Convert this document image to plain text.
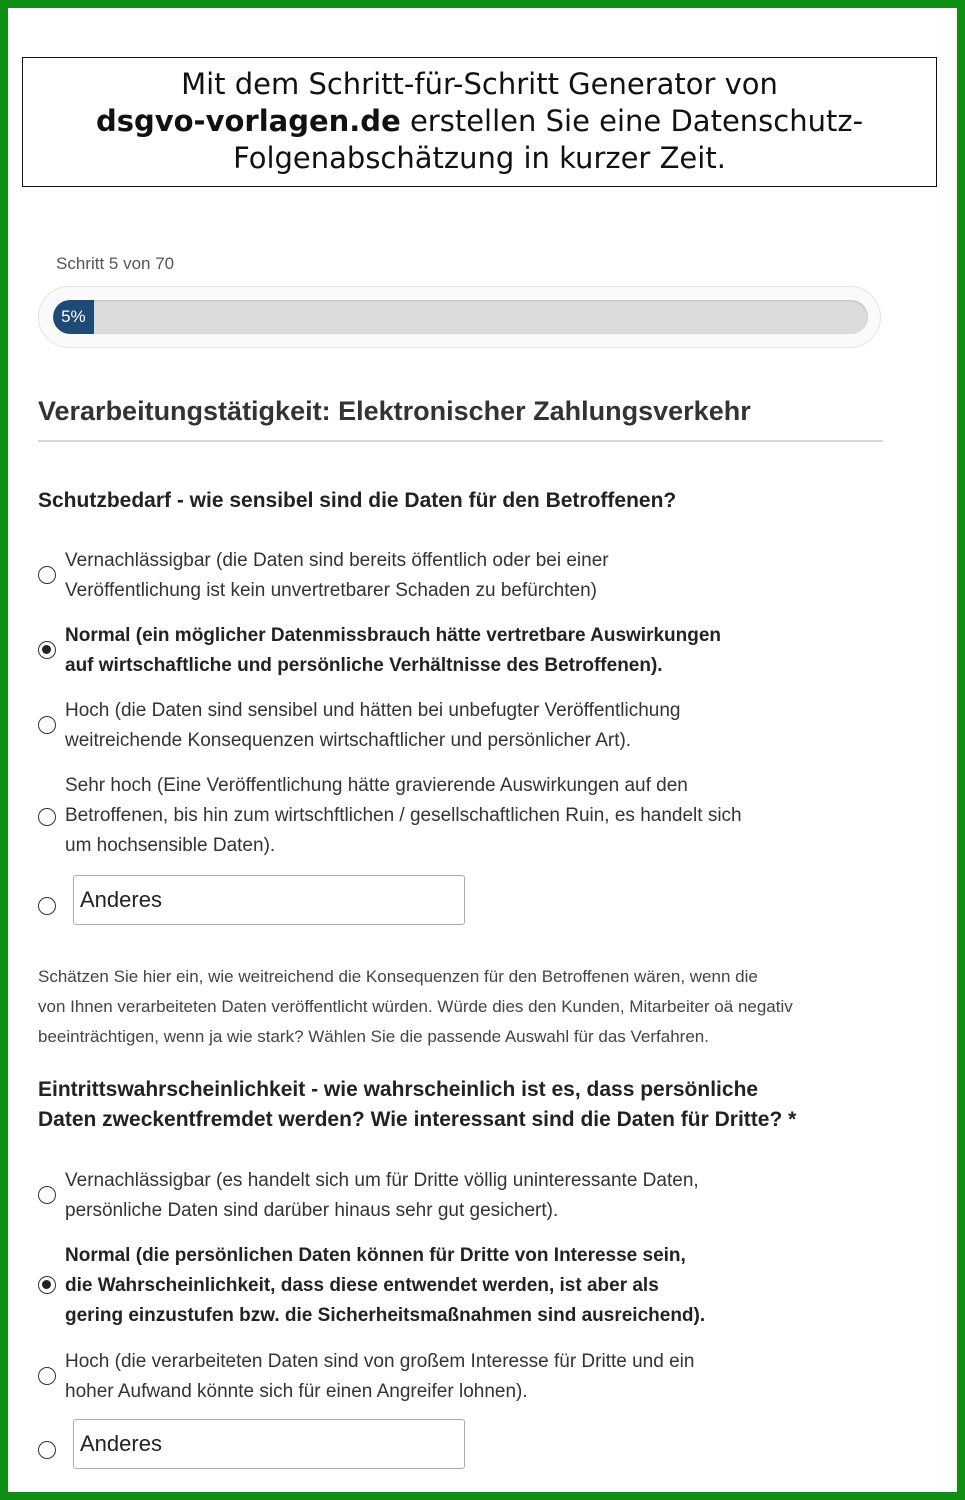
Mit dem Schritt-für-Schritt Generator von
dsgvo-vorlagen.de erstellen Sie eine Datenschutz-
Folgenabschätzung in kurzer Zeit.
Schritt 5 von 70
5%
Verarbeitungstätigkeit: Elektronischer Zahlungsverkehr
Schutzbedarf - wie sensibel sind die Daten für den Betroffenen?
Vernachlässigbar (die Daten sind bereits öffentlich oder bei einer
Veröffentlichung ist kein unvertretbarer Schaden zu befürchten)
Normal (ein möglicher Datenmissbrauch hätte vertretbare Auswirkungen
auf wirtschaftliche und persönliche Verhältnisse des Betroffenen).
Hoch (die Daten sind sensibel und hätten bei unbefugter Veröffentlichung
weitreichende Konsequenzen wirtschaftlicher und persönlicher Art).
Sehr hoch (Eine Veröffentlichung hätte gravierende Auswirkungen auf den
Betroffenen, bis hin zum wirtschftlichen / gesellschaftlichen Ruin, es handelt sich
um hochsensible Daten).
Anderes
Schätzen Sie hier ein, wie weitreichend die Konsequenzen für den Betroffenen wären, wenn die
von Ihnen verarbeiteten Daten veröffentlicht würden. Würde dies den Kunden, Mitarbeiter oä negativ
beeinträchtigen, wenn ja wie stark? Wählen Sie die passende Auswahl für das Verfahren.
Eintrittswahrscheinlichkeit - wie wahrscheinlich ist es, dass persönliche
Daten zweckentfremdet werden? Wie interessant sind die Daten für Dritte? *
Vernachlässigbar (es handelt sich um für Dritte völlig uninteressante Daten,
persönliche Daten sind darüber hinaus sehr gut gesichert).
Normal (die persönlichen Daten können für Dritte von Interesse sein,
die Wahrscheinlichkeit, dass diese entwendet werden, ist aber als
gering einzustufen bzw. die Sicherheitsmaßnahmen sind ausreichend).
Hoch (die verarbeiteten Daten sind von großem Interesse für Dritte und ein
hoher Aufwand könnte sich für einen Angreifer lohnen).
Anderes
